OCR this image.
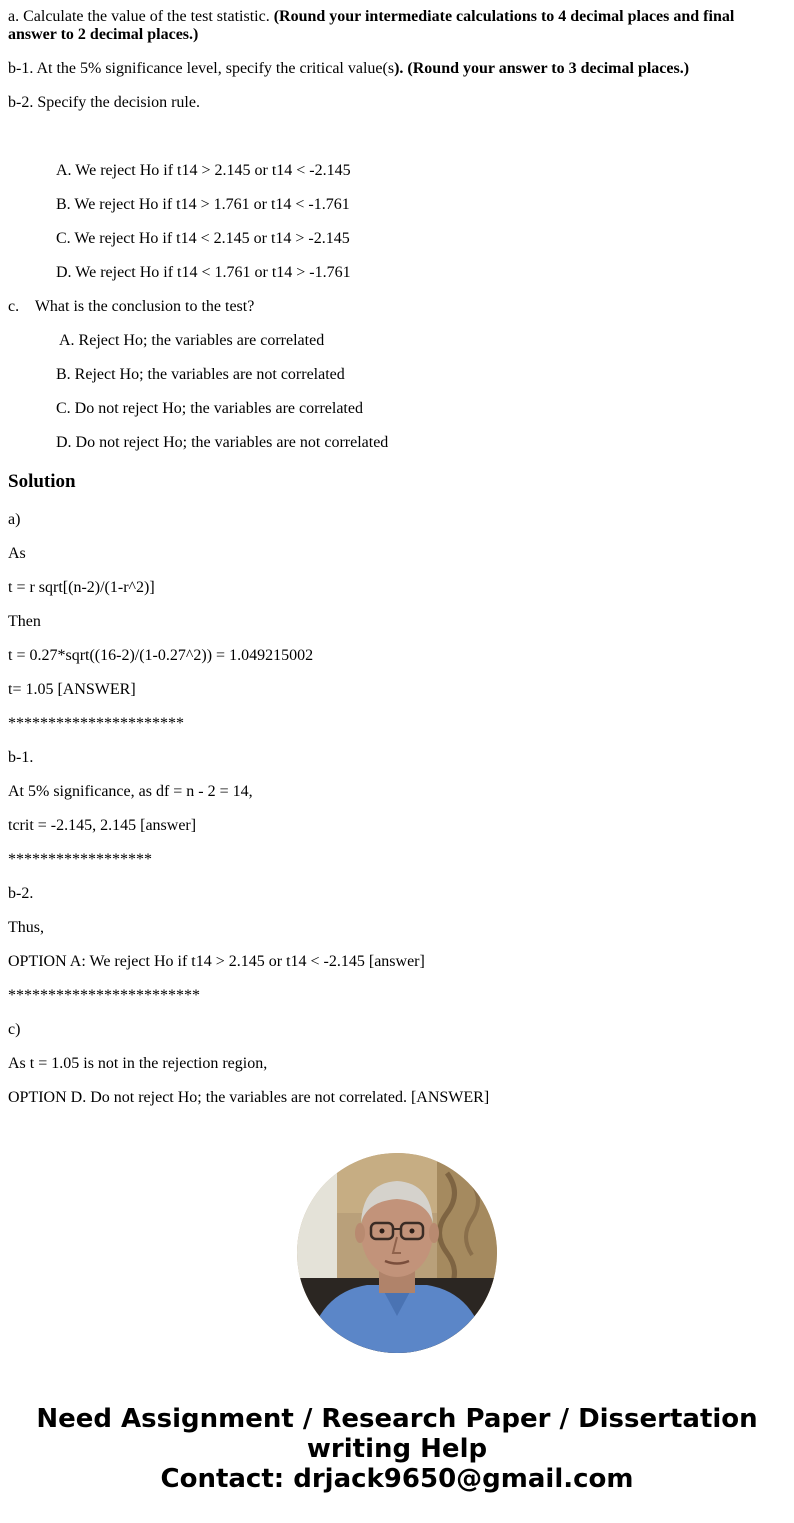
a. Calculate the value of the test statistic. (Round your intermediate calculations to 4 decimal places and final answer to 2 decimal places.)

b-1. At the 5% significance level, specify the critical value(s). (Round your answer to 3 decimal places.)

b-2. Specify the decision rule.

A. We reject Ho if t14 > 2.145 or t14 < -2.145

B. We reject Ho if t14 > 1.761 or t14 < -1.761

C. We reject Ho if t14 < 2.145 or t14 > -2.145

D. We reject Ho if t14 < 1.761 or t14 > -1.761

c.    What is the conclusion to the test?

A. Reject Ho; the variables are correlated

B. Reject Ho; the variables are not correlated

C. Do not reject Ho; the variables are correlated

D. Do not reject Ho; the variables are not correlated

Solution

a)

As

t = r sqrt[(n-2)/(1-r^2)]

Then

t = 0.27*sqrt((16-2)/(1-0.27^2)) = 1.049215002

t= 1.05 [ANSWER]

**********************

b-1.

At 5% significance, as df = n - 2 = 14,

tcrit = -2.145, 2.145 [answer]

******************

b-2.

Thus,

OPTION A: We reject Ho if t14 > 2.145 or t14 < -2.145 [answer]

************************

c)

As t = 1.05 is not in the rejection region,

OPTION D. Do not reject Ho; the variables are not correlated. [ANSWER]

Need Assignment / Research Paper / Dissertation
writing Help
Contact: drjack9650@gmail.com
